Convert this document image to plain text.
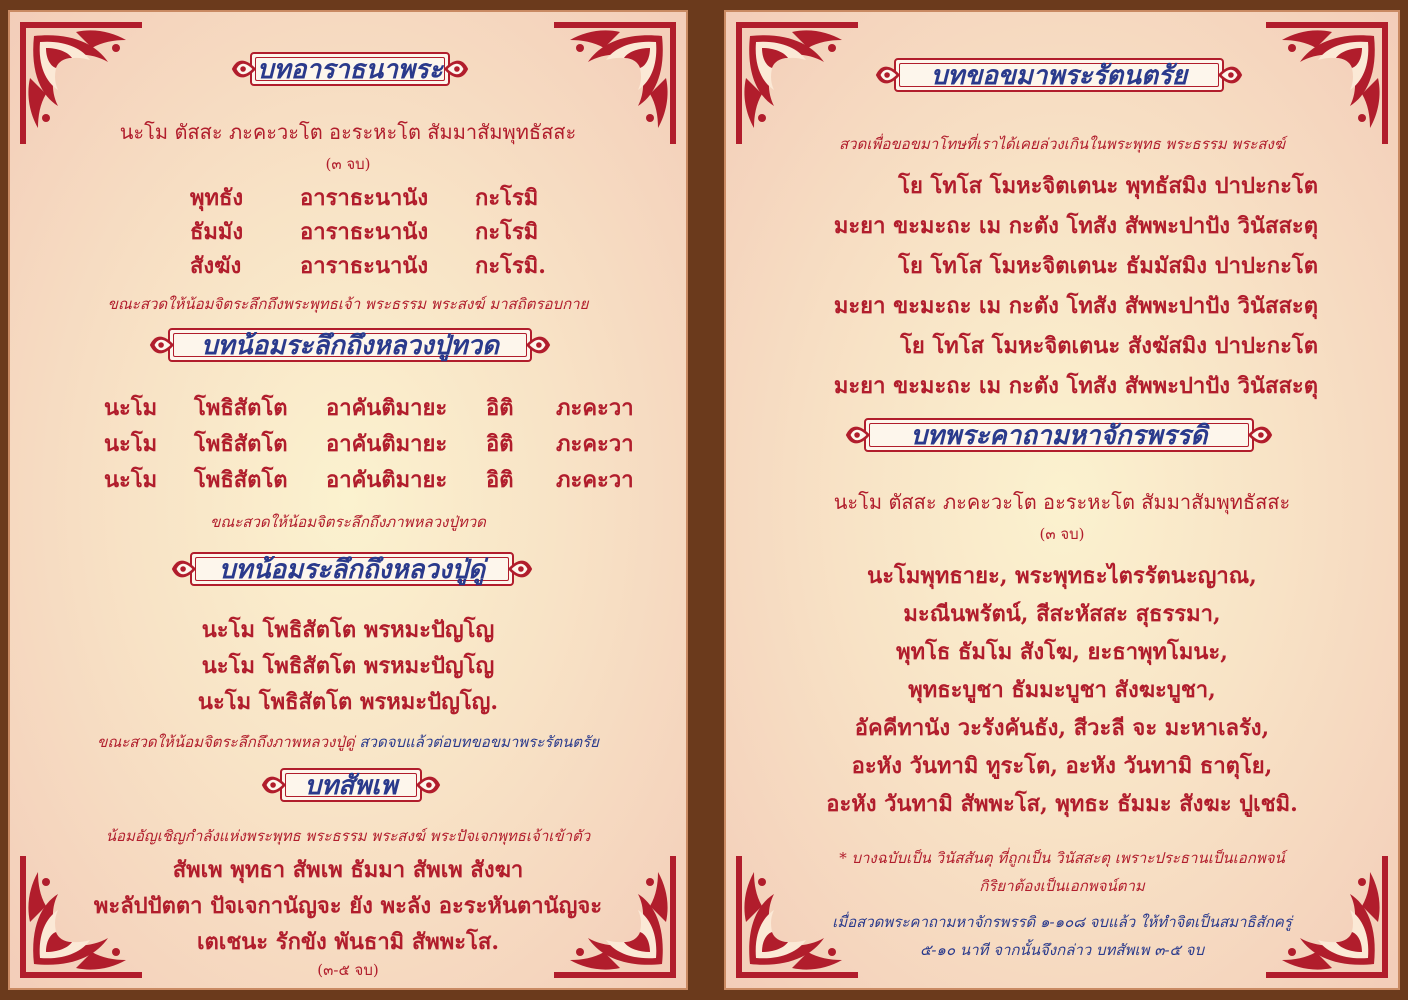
บทอาราธนาพระ
นะโม ตัสสะ ภะคะวะโต อะระหะโต สัมมาสัมพุทธัสสะ
(๓ จบ)
พุทธัง	อาราธะนานัง	กะโรมิ
ธัมมัง	อาราธะนานัง	กะโรมิ
สังฆัง	อาราธะนานัง	กะโรมิ.
ขณะสวดให้น้อมจิตระลึกถึงพระพุทธเจ้า พระธรรม พระสงฆ์ มาสถิตรอบกาย
บทน้อมระลึกถึงหลวงปู่ทวด
นะโม	โพธิสัตโต	อาคันติมายะ	อิติ	ภะคะวา
นะโม	โพธิสัตโต	อาคันติมายะ	อิติ	ภะคะวา
นะโม	โพธิสัตโต	อาคันติมายะ	อิติ	ภะคะวา
ขณะสวดให้น้อมจิตระลึกถึงภาพหลวงปู่ทวด
บทน้อมระลึกถึงหลวงปู่ดู่
นะโม โพธิสัตโต พรหมะปัญโญ
นะโม โพธิสัตโต พรหมะปัญโญ
นะโม โพธิสัตโต พรหมะปัญโญ.
ขณะสวดให้น้อมจิตระลึกถึงภาพหลวงปู่ดู่ สวดจบแล้วต่อบทขอขมาพระรัตนตรัย
บทสัพเพ
น้อมอัญเชิญกำลังแห่งพระพุทธ พระธรรม พระสงฆ์ พระปัจเจกพุทธเจ้าเข้าตัว
สัพเพ พุทธา สัพเพ ธัมมา สัพเพ สังฆา
พะลัปปัตตา ปัจเจกานัญจะ ยัง พะลัง อะระหันตานัญจะ
เตเชนะ รักขัง พันธามิ สัพพะโส.
(๓-๕ จบ)
บทขอขมาพระรัตนตรัย
สวดเพื่อขอขมาโทษที่เราได้เคยล่วงเกินในพระพุทธ พระธรรม พระสงฆ์
โย โทโส โมหะจิตเตนะ พุทธัสมิง ปาปะกะโต
มะยา ขะมะถะ เม กะตัง โทสัง สัพพะปาปัง วินัสสะตุ
โย โทโส โมหะจิตเตนะ ธัมมัสมิง ปาปะกะโต
มะยา ขะมะถะ เม กะตัง โทสัง สัพพะปาปัง วินัสสะตุ
โย โทโส โมหะจิตเตนะ สังฆัสมิง ปาปะกะโต
มะยา ขะมะถะ เม กะตัง โทสัง สัพพะปาปัง วินัสสะตุ
บทพระคาถามหาจักรพรรดิ
นะโม ตัสสะ ภะคะวะโต อะระหะโต สัมมาสัมพุทธัสสะ
(๓ จบ)
นะโมพุทธายะ, พระพุทธะไตรรัตนะญาณ,
มะณีนพรัตน์, สีสะหัสสะ สุธรรมา,
พุทโธ ธัมโม สังโฆ, ยะธาพุทโมนะ,
พุทธะบูชา ธัมมะบูชา สังฆะบูชา,
อัคคีทานัง วะรังคันธัง, สีวะลี จะ มะหาเลรัง,
อะหัง วันทามิ ทูระโต, อะหัง วันทามิ ธาตุโย,
อะหัง วันทามิ สัพพะโส, พุทธะ ธัมมะ สังฆะ ปูเชมิ.
* บางฉบับเป็น วินัสสันตุ ที่ถูกเป็น วินัสสะตุ เพราะประธานเป็นเอกพจน์
กิริยาต้องเป็นเอกพจน์ตาม
เมื่อสวดพระคาถามหาจักรพรรดิ ๑-๑๐๘ จบแล้ว ให้ทำจิตเป็นสมาธิสักครู่
๕-๑๐ นาที จากนั้นจึงกล่าว บทสัพเพ ๓-๕ จบ
